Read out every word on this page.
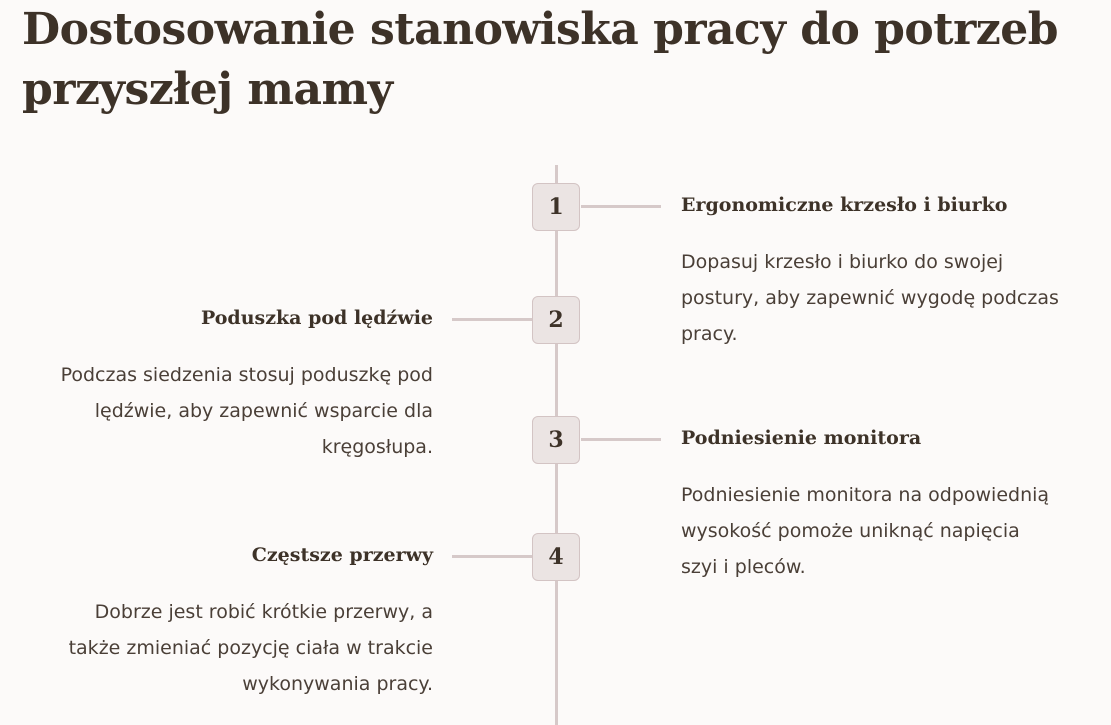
Dostosowanie stanowiska pracy do potrzeb przyszłej mamy
1	Ergonomiczne krzesło i biurko

Dopasuj krzesło i biurko do swojej postury, aby zapewnić wygodę podczas pracy.

2
Poduszka pod lędźwie

Podczas siedzenia stosuj poduszkę pod lędźwie, aby zapewnić wsparcie dla kręgosłupa.	3	Podniesienie monitora

Podniesienie monitora na odpowiednią wysokość pomoże uniknąć napięcia szyi i pleców.

4
Częstsze przerwy

Dobrze jest robić krótkie przerwy, a także zmieniać pozycję ciała w trakcie wykonywania pracy.
